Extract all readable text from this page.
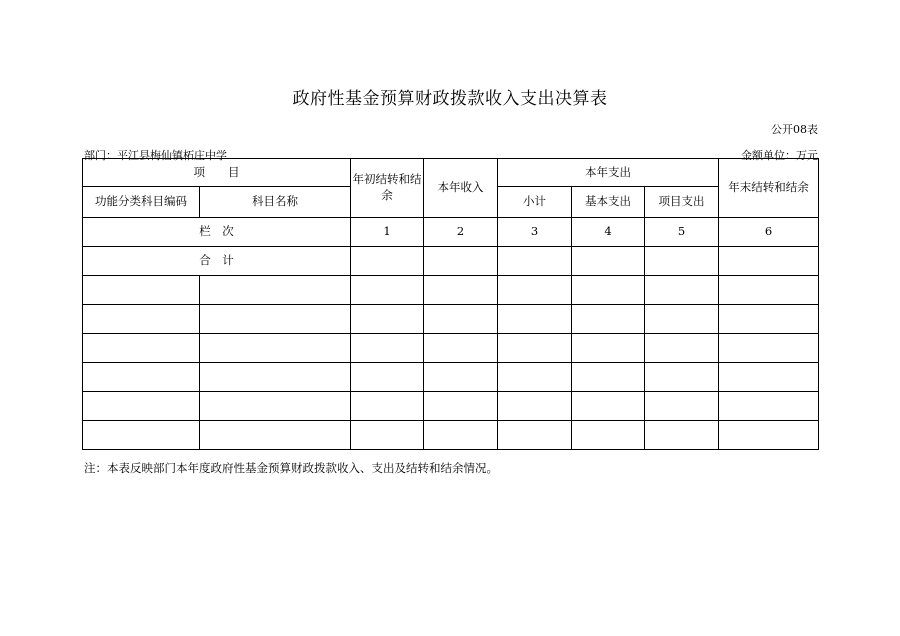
政府性基金预算财政拨款收入支出决算表
公开08表
部门：平江县梅仙镇柘庄中学	金额单位：万元
项　　目		年初结转和结余	本年收入	本年支出			年末结转和结余
功能分类科目编码	科目名称			小计	基本支出	项目支出	
栏　次		1	2	3	4	5	6
合　计							

注：本表反映部门本年度政府性基金预算财政拨款收入、支出及结转和结余情况。
